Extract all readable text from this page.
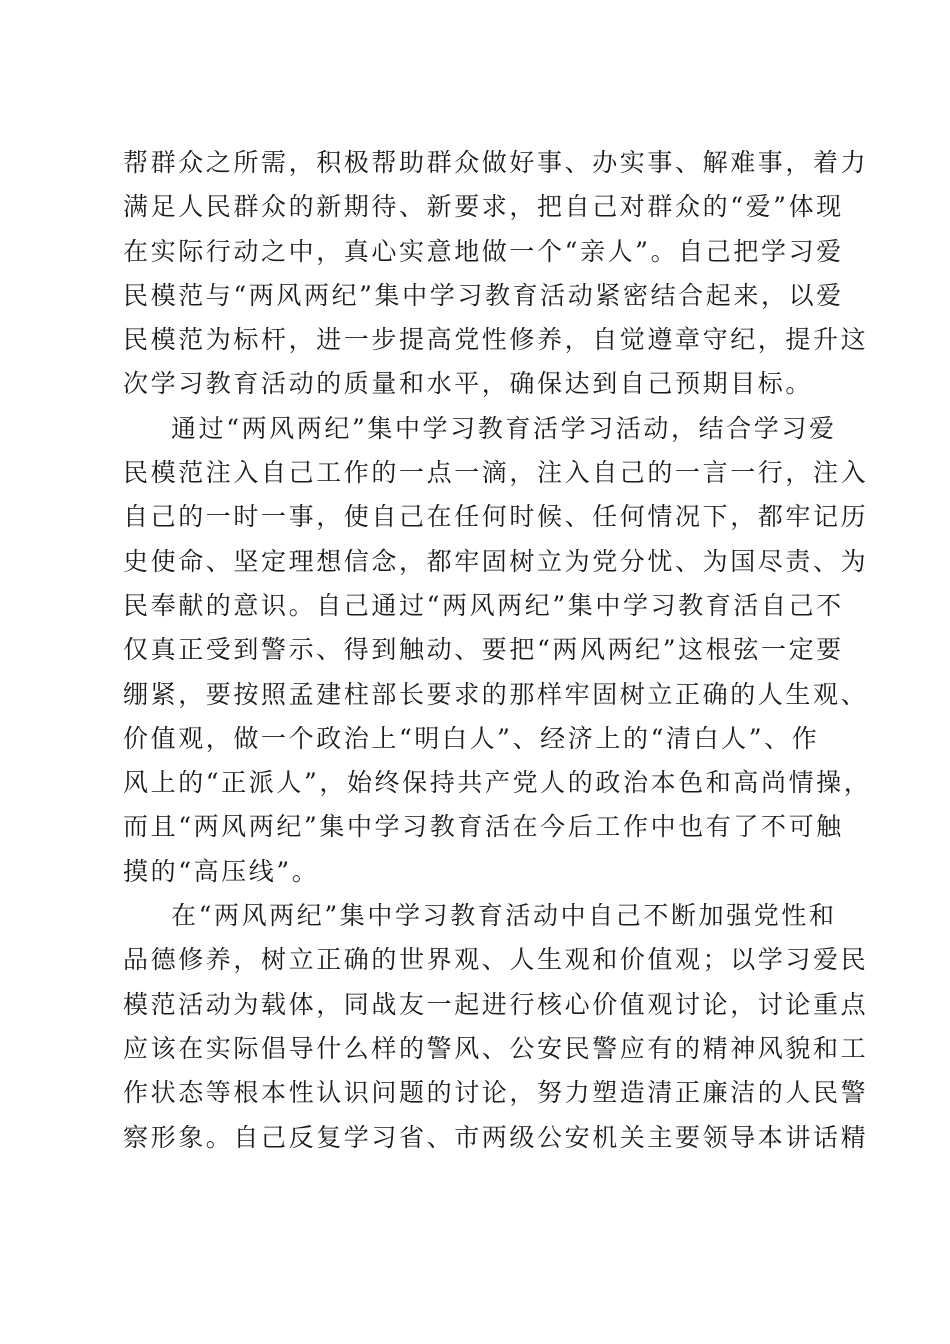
帮群众之所需，积极帮助群众做好事、办实事、解难事，着力
满足人民群众的新期待、新要求，把自己对群众的“爱”体现
在实际行动之中，真心实意地做一个“亲人”。自己把学习爱
民模范与“两风两纪”集中学习教育活动紧密结合起来，以爱
民模范为标杆，进一步提高党性修养，自觉遵章守纪，提升这
次学习教育活动的质量和水平，确保达到自己预期目标。
通过“两风两纪”集中学习教育活学习活动，结合学习爱
民模范注入自己工作的一点一滴，注入自己的一言一行，注入
自己的一时一事，使自己在任何时候、任何情况下，都牢记历
史使命、坚定理想信念，都牢固树立为党分忧、为国尽责、为
民奉献的意识。自己通过“两风两纪”集中学习教育活自己不
仅真正受到警示、得到触动、要把“两风两纪”这根弦一定要
绷紧，要按照孟建柱部长要求的那样牢固树立正确的人生观、
价值观，做一个政治上“明白人”、经济上的“清白人”、作
风上的“正派人”，始终保持共产党人的政治本色和高尚情操，
而且“两风两纪”集中学习教育活在今后工作中也有了不可触
摸的“高压线”。
在“两风两纪”集中学习教育活动中自己不断加强党性和
品德修养，树立正确的世界观、人生观和价值观；以学习爱民
模范活动为载体，同战友一起进行核心价值观讨论，讨论重点
应该在实际倡导什么样的警风、公安民警应有的精神风貌和工
作状态等根本性认识问题的讨论，努力塑造清正廉洁的人民警
察形象。自己反复学习省、市两级公安机关主要领导本讲话精
